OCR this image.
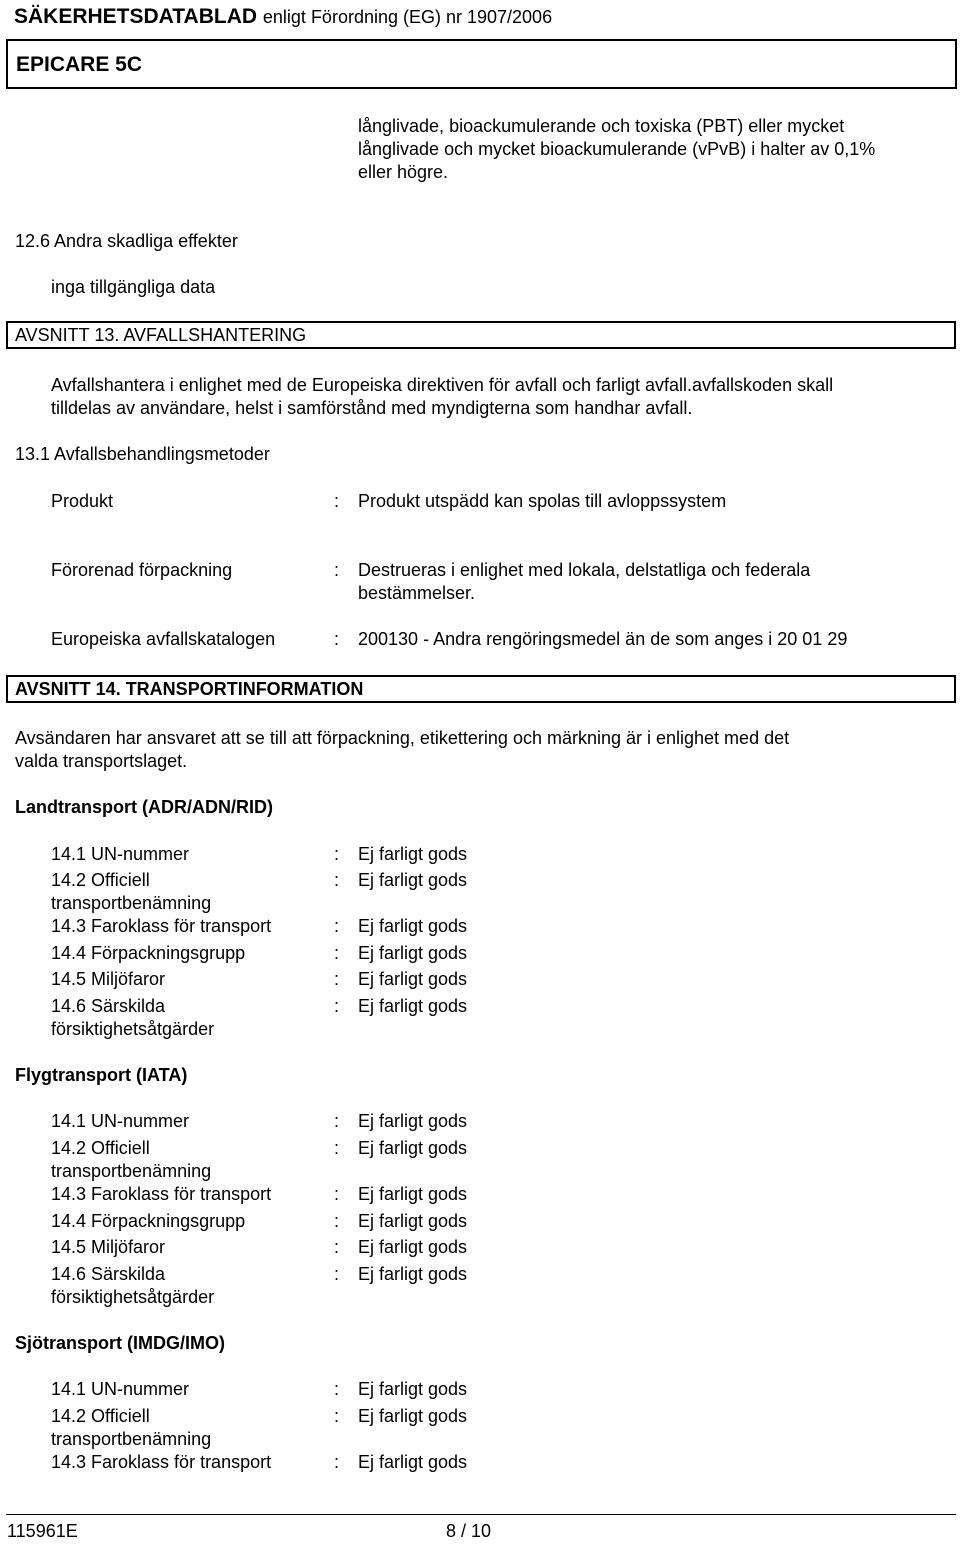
SÄKERHETSDATABLAD enligt Förordning (EG) nr 1907/2006
EPICARE 5C
långlivade, bioackumulerande och toxiska (PBT) eller mycket
långlivade och mycket bioackumulerande (vPvB) i halter av 0,1%
eller högre.
12.6 Andra skadliga effekter
inga tillgängliga data
AVSNITT 13. AVFALLSHANTERING
Avfallshantera i enlighet med de Europeiska direktiven för avfall och farligt avfall.avfallskoden skall
tilldelas av användare, helst i samförstånd med myndigterna som handhar avfall.
13.1 Avfallsbehandlingsmetoder
Produkt	: Produkt utspädd kan spolas till avloppssystem
Förorenad förpackning	: Destrueras i enlighet med lokala, delstatliga och federala
bestämmelser.
Europeiska avfallskatalogen	: 200130 - Andra rengöringsmedel än de som anges i 20 01 29
AVSNITT 14. TRANSPORTINFORMATION
Avsändaren har ansvaret att se till att förpackning, etikettering och märkning är i enlighet med det
valda transportslaget.
Landtransport (ADR/ADN/RID)
14.1 UN-nummer	: Ej farligt gods
14.2 Officiell
transportbenämning
: Ej farligt gods
14.3 Faroklass för transport	: Ej farligt gods
14.4 Förpackningsgrupp	: Ej farligt gods
14.5 Miljöfaror	: Ej farligt gods
14.6 Särskilda
försiktighetsåtgärder
: Ej farligt gods
Flygtransport (IATA)
14.1 UN-nummer	: Ej farligt gods
14.2 Officiell
transportbenämning
: Ej farligt gods
14.3 Faroklass för transport	: Ej farligt gods
14.4 Förpackningsgrupp	: Ej farligt gods
14.5 Miljöfaror	: Ej farligt gods
14.6 Särskilda
försiktighetsåtgärder
: Ej farligt gods
Sjötransport (IMDG/IMO)
14.1 UN-nummer	: Ej farligt gods
14.2 Officiell
transportbenämning
: Ej farligt gods
14.3 Faroklass för transport	: Ej farligt gods
115961E	8 / 10
